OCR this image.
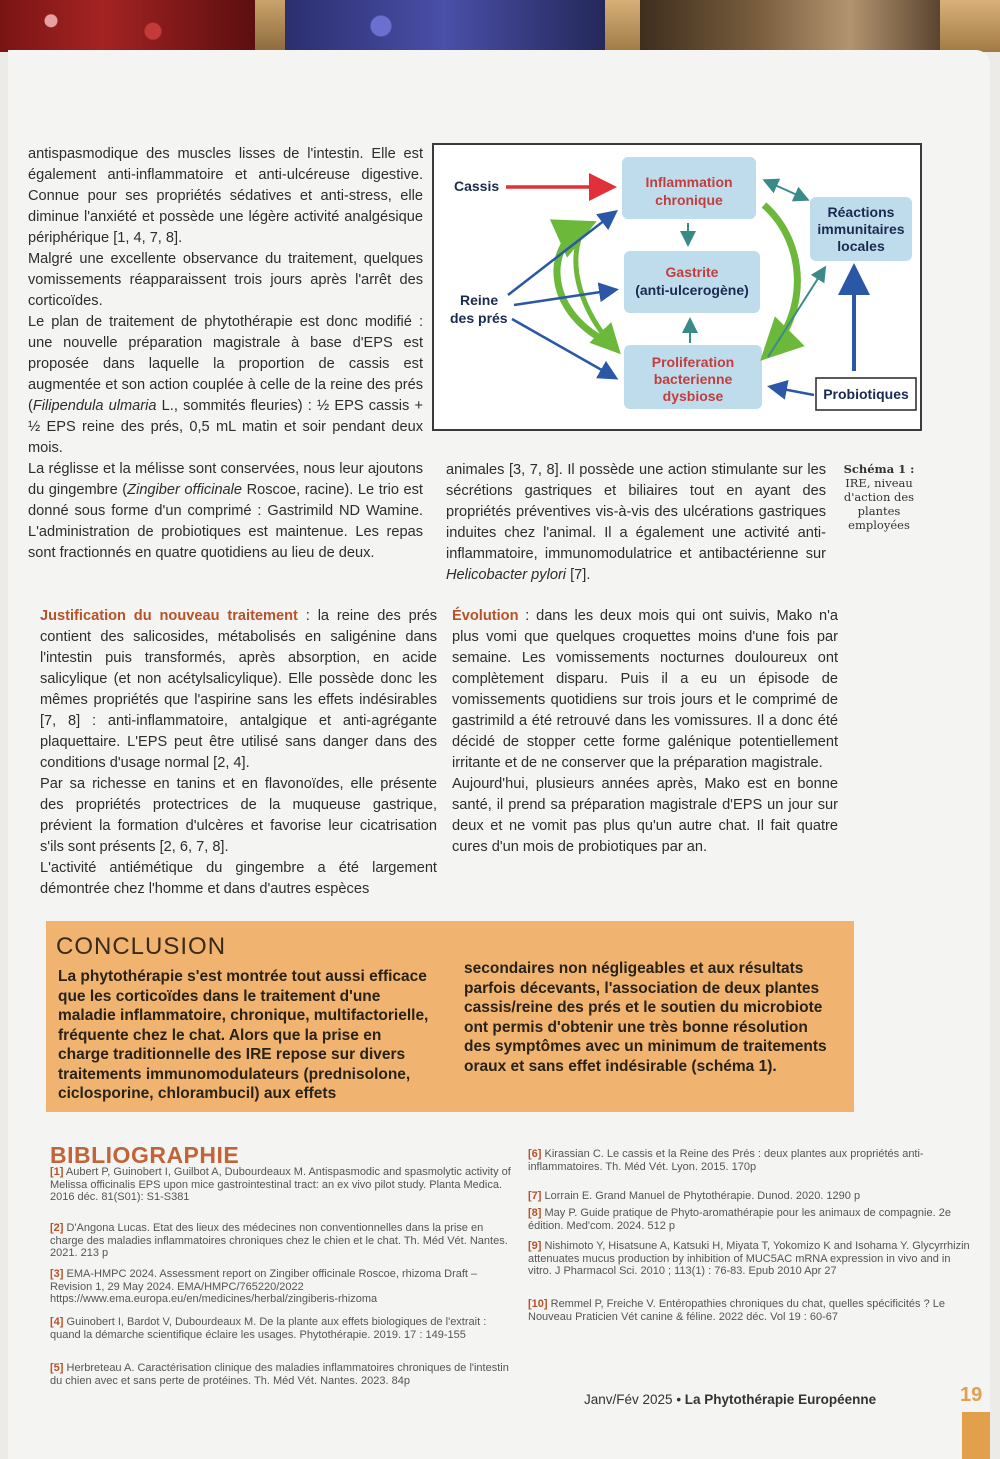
antispasmodique des muscles lisses de l'intestin. Elle est également anti-inflammatoire et anti-ulcéreuse digestive. Connue pour ses propriétés sédatives et anti-stress, elle diminue l'anxiété et possède une légère activité analgésique périphérique [1, 4, 7, 8].

Malgré une excellente observance du traitement, quelques vomissements réapparaissent trois jours après l'arrêt des corticoïdes.

Le plan de traitement de phytothérapie est donc modifié : une nouvelle préparation magistrale à base d'EPS est proposée dans laquelle la proportion de cassis est augmentée et son action couplée à celle de la reine des prés (Filipendula ulmaria L., sommités fleuries) : ½ EPS cassis + ½ EPS reine des prés, 0,5 mL matin et soir pendant deux mois.

La réglisse et la mélisse sont conservées, nous leur ajoutons du gingembre (Zingiber officinale Roscoe, racine). Le trio est donné sous forme d'un comprimé : Gastrimild ND Wamine. L'administration de probiotiques est maintenue. Les repas sont fractionnés en quatre quotidiens au lieu de deux.

Cassis
Reine
des prés
Inflammation
chronique
Gastrite
(anti-ulcerogène)
Proliferation
bacterienne
dysbiose
Réactions
immunitaires
locales
Probiotiques
Schéma 1 :
IRE, niveau d'action des plantes employées

animales [3, 7, 8]. Il possède une action stimulante sur les sécrétions gastriques et biliaires tout en ayant des propriétés préventives vis-à-vis des ulcérations gastriques induites chez l'animal. Il a également une activité anti-inflammatoire, immunomodulatrice et antibactérienne sur Helicobacter pylori [7].

Justification du nouveau traitement : la reine des prés contient des salicosides, métabolisés en saligénine dans l'intestin puis transformés, après absorption, en acide salicylique (et non acétylsalicylique). Elle possède donc les mêmes propriétés que l'aspirine sans les effets indésirables [7, 8] : anti-inflammatoire, antalgique et anti-agrégante plaquettaire. L'EPS peut être utilisé sans danger dans des conditions d'usage normal [2, 4].

Par sa richesse en tanins et en flavonoïdes, elle présente des propriétés protectrices de la muqueuse gastrique, prévient la formation d'ulcères et favorise leur cicatrisation s'ils sont présents [2, 6, 7, 8].

L'activité antiémétique du gingembre a été largement démontrée chez l'homme et dans d'autres espèces

Évolution : dans les deux mois qui ont suivis, Mako n'a plus vomi que quelques croquettes moins d'une fois par semaine. Les vomissements nocturnes douloureux ont complètement disparu. Puis il a eu un épisode de vomissements quotidiens sur trois jours et le comprimé de gastrimild a été retrouvé dans les vomissures. Il a donc été décidé de stopper cette forme galénique potentiellement irritante et de ne conserver que la préparation magistrale.

Aujourd'hui, plusieurs années après, Mako est en bonne santé, il prend sa préparation magistrale d'EPS un jour sur deux et ne vomit pas plus qu'un autre chat. Il fait quatre cures d'un mois de probiotiques par an.

CONCLUSION
La phytothérapie s'est montrée tout aussi efficace que les corticoïdes dans le traitement d'une maladie inflammatoire, chronique, multifactorielle, fréquente chez le chat. Alors que la prise en charge traditionnelle des IRE repose sur divers traitements immunomodulateurs (prednisolone, ciclosporine, chlorambucil) aux effets
secondaires non négligeables et aux résultats parfois décevants, l'association de deux plantes cassis/reine des prés et le soutien du microbiote ont permis d'obtenir une très bonne résolution des symptômes avec un minimum de traitements oraux et sans effet indésirable (schéma 1).
BIBLIOGRAPHIE
[1] Aubert P, Guinobert I, Guilbot A, Dubourdeaux M. Antispasmodic and spasmolytic activity of Melissa officinalis EPS upon mice gastrointestinal tract: an ex vivo pilot study. Planta Medica. 2016 déc. 81(S01): S1-S381
[2] D'Angona Lucas. Etat des lieux des médecines non conventionnelles dans la prise en charge des maladies inflammatoires chroniques chez le chien et le chat. Th. Méd Vét. Nantes. 2021. 213 p
[3] EMA-HMPC 2024. Assessment report on Zingiber officinale Roscoe, rhizoma Draft – Revision 1, 29 May 2024. EMA/HMPC/765220/2022 https://www.ema.europa.eu/en/medicines/herbal/zingiberis-rhizoma
[4] Guinobert I, Bardot V, Dubourdeaux M. De la plante aux effets biologiques de l'extrait : quand la démarche scientifique éclaire les usages. Phytothérapie. 2019. 17 : 149-155
[5] Herbreteau A. Caractérisation clinique des maladies inflammatoires chroniques de l'intestin du chien avec et sans perte de protéines. Th. Méd Vét. Nantes. 2023. 84p
[6] Kirassian C. Le cassis et la Reine des Prés : deux plantes aux propriétés anti-inflammatoires. Th. Méd Vét. Lyon. 2015. 170p
[7] Lorrain E. Grand Manuel de Phytothérapie. Dunod. 2020. 1290 p
[8] May P. Guide pratique de Phyto-aromathérapie pour les animaux de compagnie. 2e édition. Med'com. 2024. 512 p
[9] Nishimoto Y, Hisatsune A, Katsuki H, Miyata T, Yokomizo K and Isohama Y. Glycyrrhizin attenuates mucus production by inhibition of MUC5AC mRNA expression in vivo and in vitro. J Pharmacol Sci. 2010 ; 113(1) : 76-83. Epub 2010 Apr 27
[10] Remmel P, Freiche V. Entéropathies chroniques du chat, quelles spécificités ? Le Nouveau Praticien Vét canine & féline. 2022 déc. Vol 19 : 60-67
Janv/Fév 2025 • La Phytothérapie Européenne	19
